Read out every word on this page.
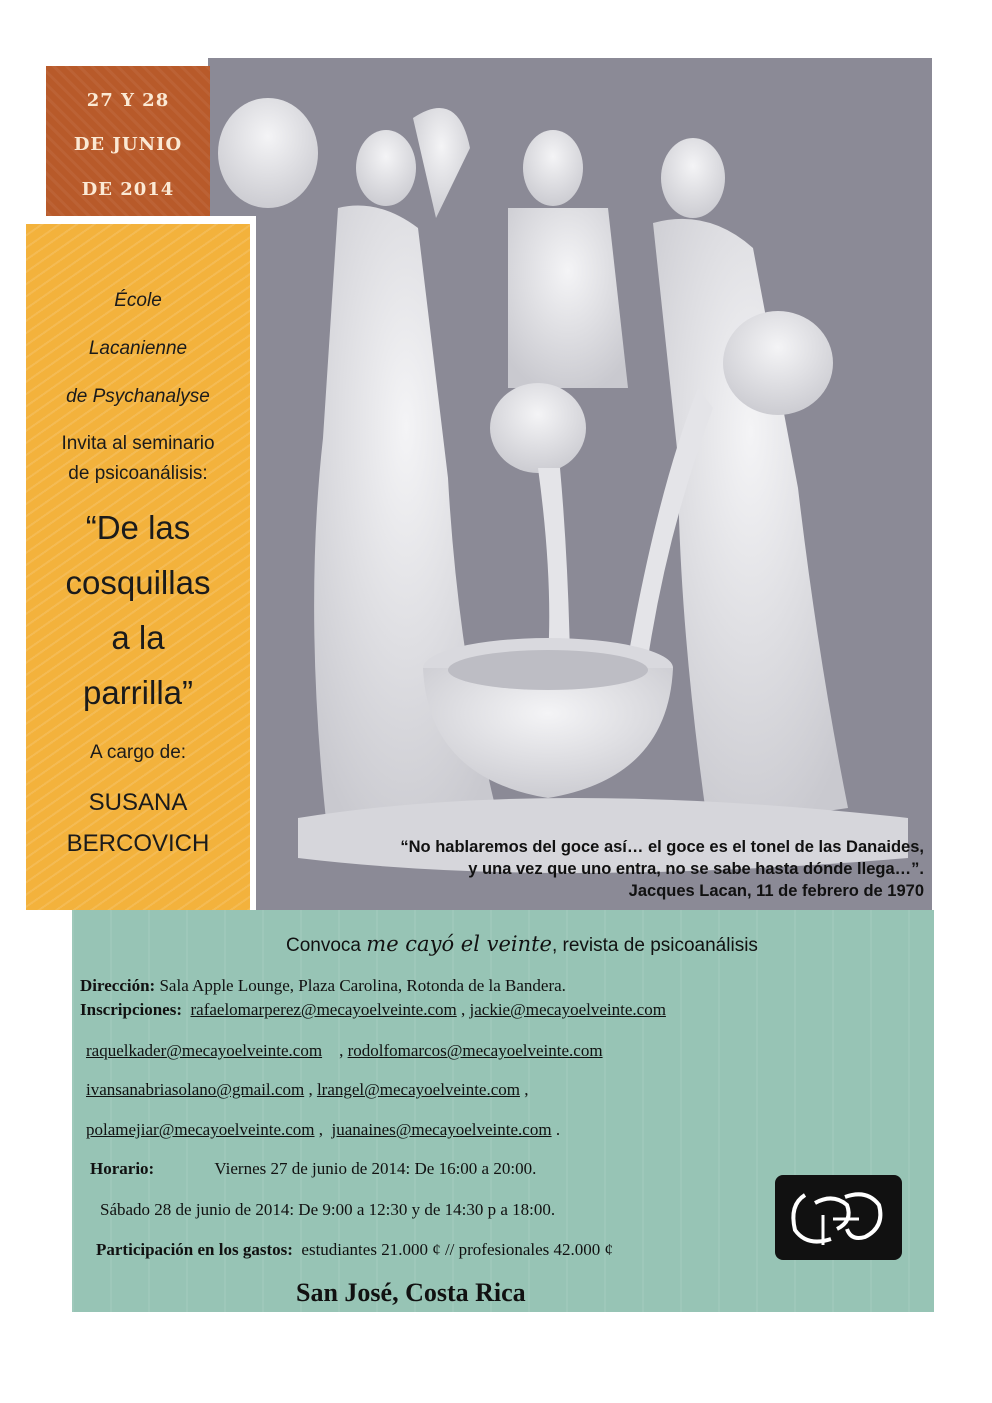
27 Y 28
DE JUNIO
DE 2014
École
Lacanienne
de Psychanalyse
Invita al seminario
de psicoanálisis:
“De las
cosquillas
a la
parrilla”
A cargo de:
SUSANA
BERCOVICH	“No hablaremos del goce así… el goce es el tonel de las Danaides,
y una vez que uno entra, no se sabe hasta dónde llega…”.
Jacques Lacan, 11 de febrero de 1970
Convoca me cayó el veinte, revista de psicoanálisis
Dirección: Sala Apple Lounge, Plaza Carolina, Rotonda de la Bandera.
Inscripciones: rafaelomarperez@mecayoelveinte.com , jackie@mecayoelveinte.com
raquelkader@mecayoelveinte.com    , rodolfomarcos@mecayoelveinte.com
ivansanabriasolano@gmail.com , lrangel@mecayoelveinte.com ,
polamejiar@mecayoelveinte.com ,  juanaines@mecayoelveinte.com .
Horario:	Viernes 27 de junio de 2014: De 16:00 a 20:00.
Sábado 28 de junio de 2014: De 9:00 a 12:30 y de 14:30 p a 18:00.
Participación en los gastos: estudiantes 21.000 ¢ // profesionales 42.000 ¢
San José, Costa Rica
